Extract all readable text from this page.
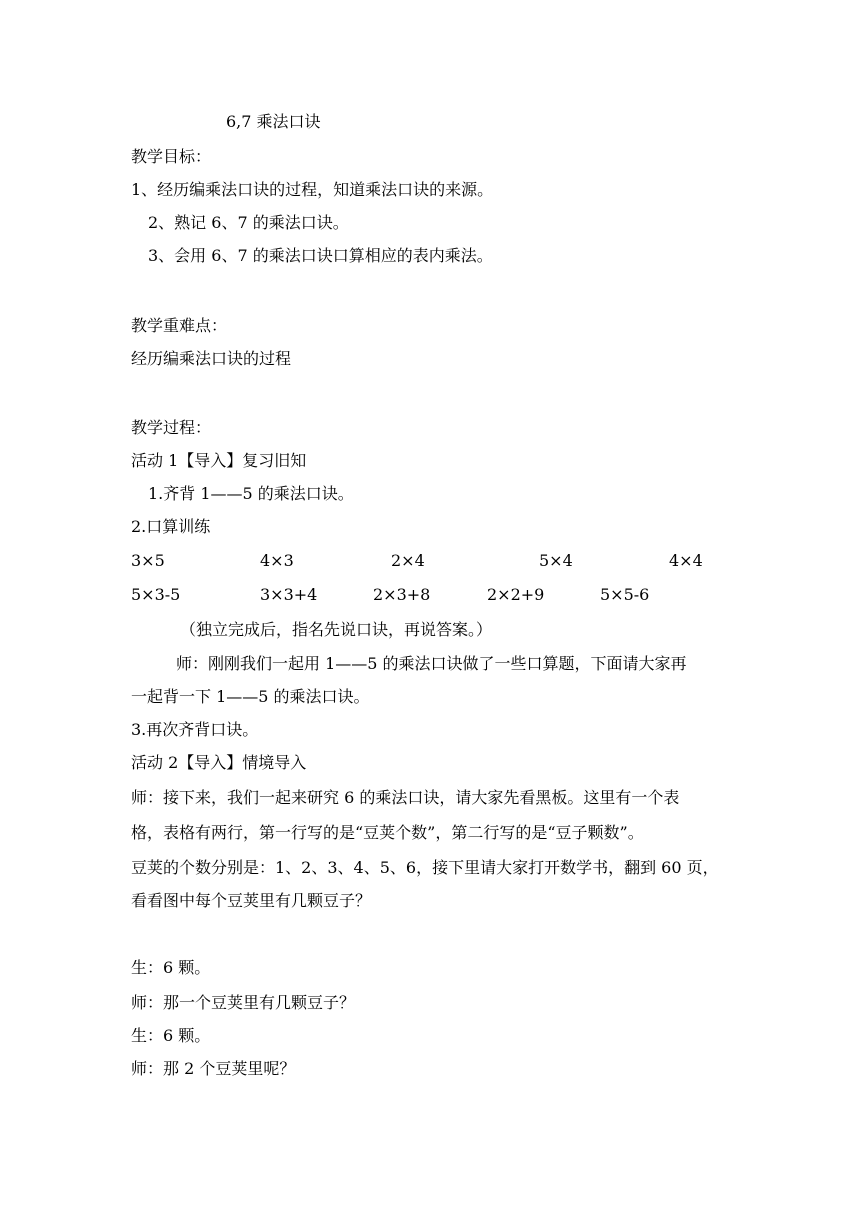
6,7 乘法口诀
教学目标：
1、经历编乘法口诀的过程，知道乘法口诀的来源。
2、熟记 6、7 的乘法口诀。
3、会用 6、7 的乘法口诀口算相应的表内乘法。
教学重难点：
经历编乘法口诀的过程
教学过程：
活动 1【导入】复习旧知
1.齐背 1——5 的乘法口诀。
2.口算训练
3×5	4×3	2×4	5×4	4×4
5×3-5	3×3+4	2×3+8	2×2+9	5×5-6
（独立完成后，指名先说口诀，再说答案。）
师：刚刚我们一起用 1——5 的乘法口诀做了一些口算题，下面请大家再
一起背一下 1——5 的乘法口诀。
3.再次齐背口诀。
活动 2【导入】情境导入
师：接下来，我们一起来研究 6 的乘法口诀，请大家先看黑板。这里有一个表
格，表格有两行，第一行写的是“豆荚个数”，第二行写的是“豆子颗数”。
豆荚的个数分别是：1、2、3、4、5、6，接下里请大家打开数学书，翻到 60 页，
看看图中每个豆荚里有几颗豆子？
生：6 颗。
师：那一个豆荚里有几颗豆子？
生：6 颗。
师：那 2 个豆荚里呢？
